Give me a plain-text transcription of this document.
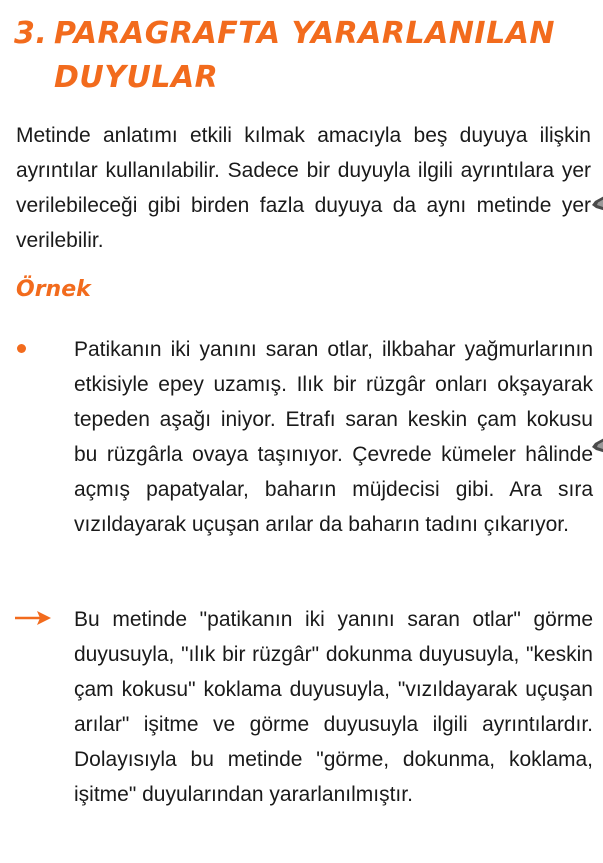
3. PARAGRAFTA YARARLANILAN
DUYULAR

Metinde anlatımı etkili kılmak amacıyla beş duyuya ilişkin ayrıntılar kullanılabilir. Sadece bir duyuyla ilgili ayrıntılara yer verilebileceği gibi birden fazla duyuya da aynı metinde yer verilebilir.

Örnek

Patikanın iki yanını saran otlar, ilkbahar yağmurlarının etkisiyle epey uzamış. Ilık bir rüzgâr onları okşayarak tepeden aşağı iniyor. Etrafı saran keskin çam kokusu bu rüzgârla ovaya taşınıyor. Çevrede kümeler hâlinde açmış papatyalar, baharın müjdecisi gibi. Ara sıra vızıldayarak uçuşan arılar da baharın tadını çıkarıyor.

Bu metinde "patikanın iki yanını saran otlar" görme duyusuyla, "ılık bir rüzgâr" dokunma duyusuyla, "keskin çam kokusu" koklama duyusuyla, "vızıldayarak uçuşan arılar" işitme ve görme duyusuyla ilgili ayrıntılardır. Dolayısıyla bu metinde "görme, dokunma, koklama, işitme" duyularından yararlanılmıştır.
